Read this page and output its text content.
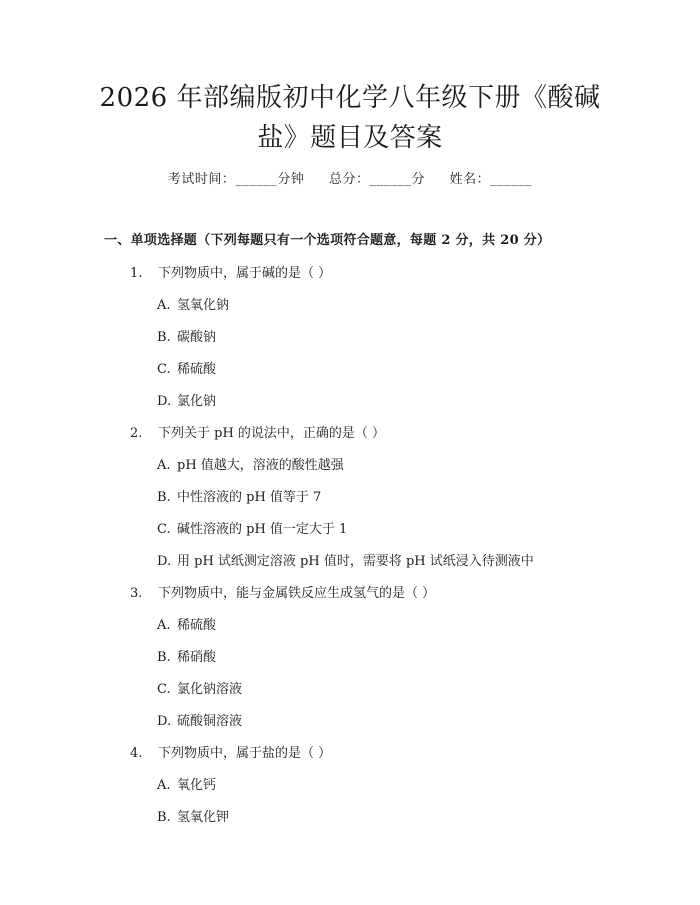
2026 年部编版初中化学八年级下册《酸碱
盐》题目及答案
考试时间：______分钟 总分：______分 姓名：______
一、单项选择题（下列每题只有一个选项符合题意，每题 2 分，共 20 分）
1. 下列物质中，属于碱的是（ ）
A. 氢氧化钠
B. 碳酸钠
C. 稀硫酸
D. 氯化钠
2. 下列关于 pH 的说法中，正确的是（ ）
A. pH 值越大，溶液的酸性越强
B. 中性溶液的 pH 值等于 7
C. 碱性溶液的 pH 值一定大于 1
D. 用 pH 试纸测定溶液 pH 值时，需要将 pH 试纸浸入待测液中
3. 下列物质中，能与金属铁反应生成氢气的是（ ）
A. 稀硫酸
B. 稀硝酸
C. 氯化钠溶液
D. 硫酸铜溶液
4. 下列物质中，属于盐的是（ ）
A. 氧化钙
B. 氢氧化钾
